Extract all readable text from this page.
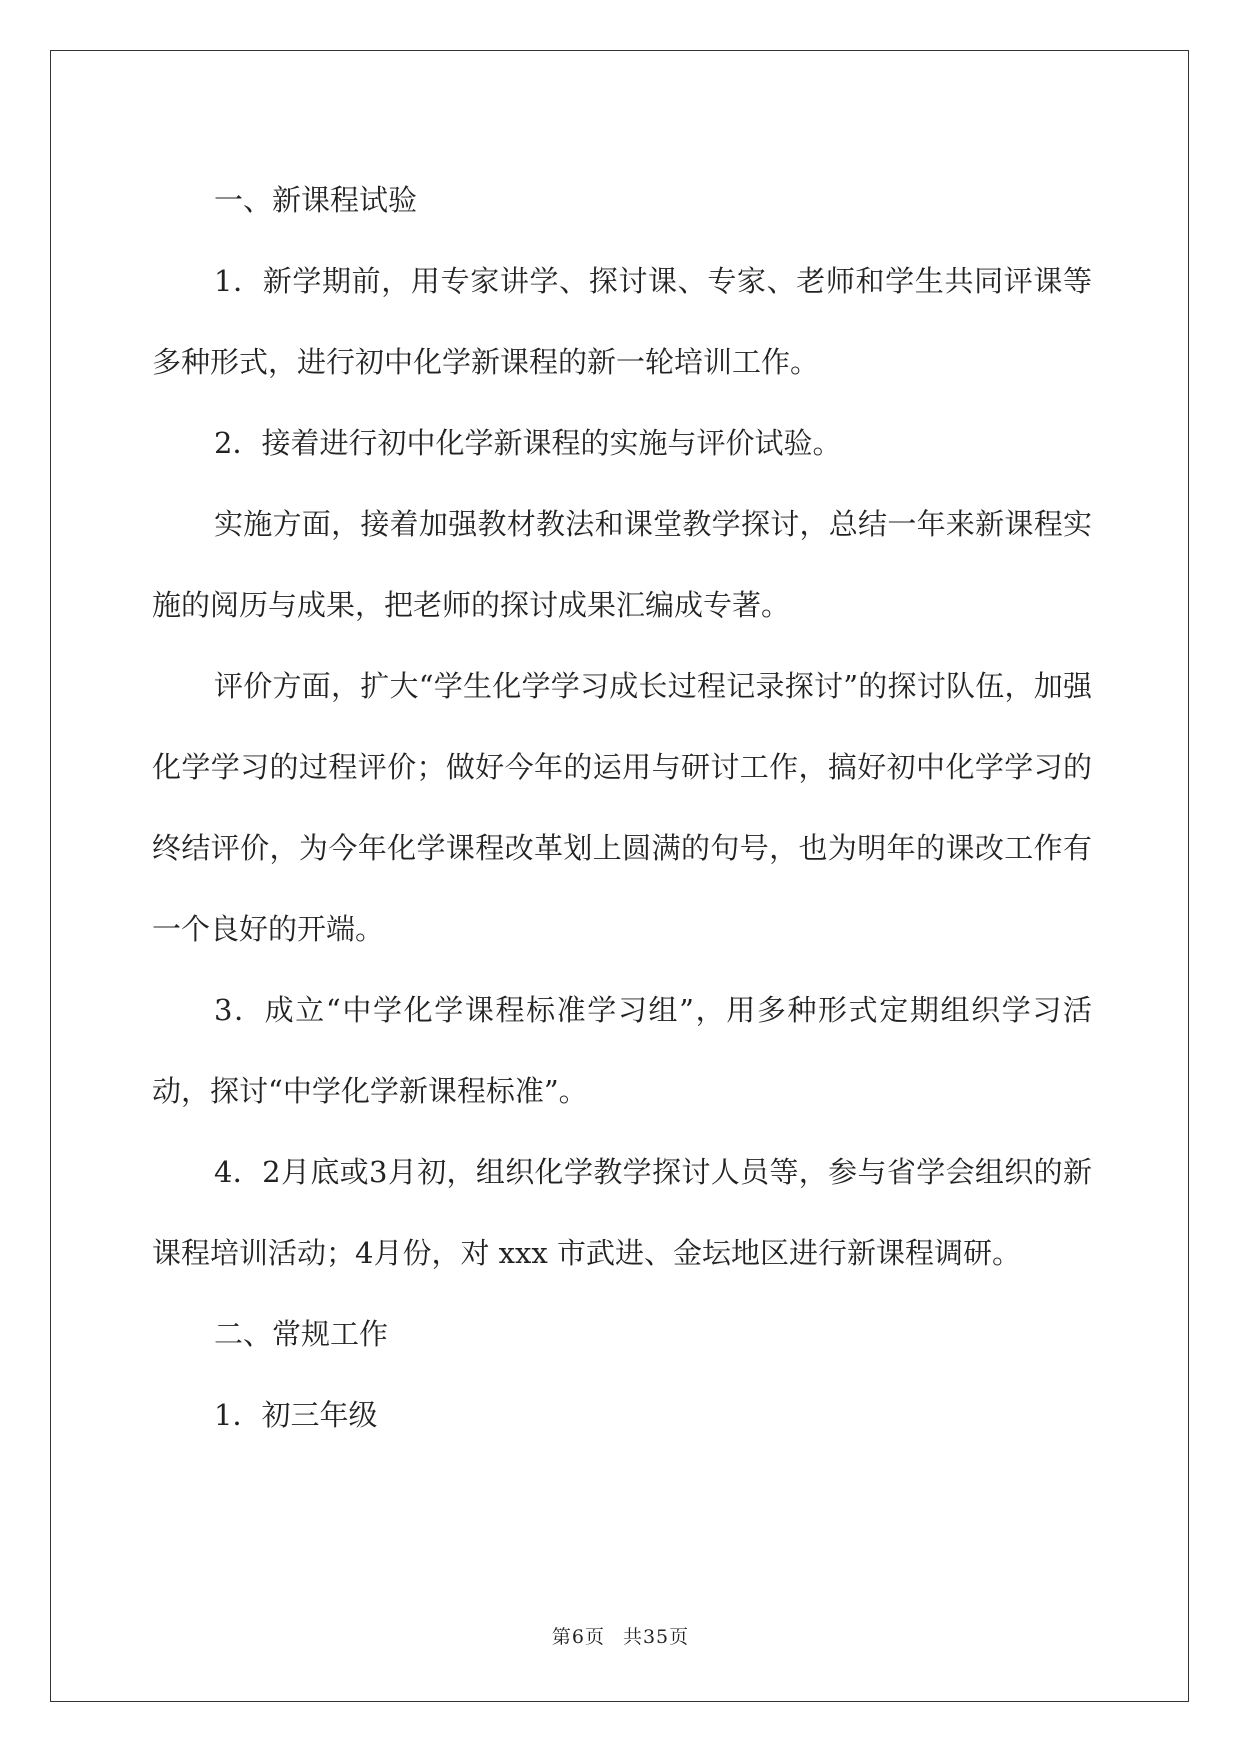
一、新课程试验

1．新学期前，用专家讲学、探讨课、专家、老师和学生共同评课等多种形式，进行初中化学新课程的新一轮培训工作。

2．接着进行初中化学新课程的实施与评价试验。

实施方面，接着加强教材教法和课堂教学探讨，总结一年来新课程实施的阅历与成果，把老师的探讨成果汇编成专著。

评价方面，扩大“学生化学学习成长过程记录探讨”的探讨队伍，加强化学学习的过程评价；做好今年的运用与研讨工作，搞好初中化学学习的终结评价，为今年化学课程改革划上圆满的句号，也为明年的课改工作有一个良好的开端。

3．成立“中学化学课程标准学习组”，用多种形式定期组织学习活动，探讨“中学化学新课程标准”。

4．2月底或3月初，组织化学教学探讨人员等，参与省学会组织的新课程培训活动；4月份，对 xxx 市武进、金坛地区进行新课程调研。

二、常规工作

1．初三年级

第6页 共35页
